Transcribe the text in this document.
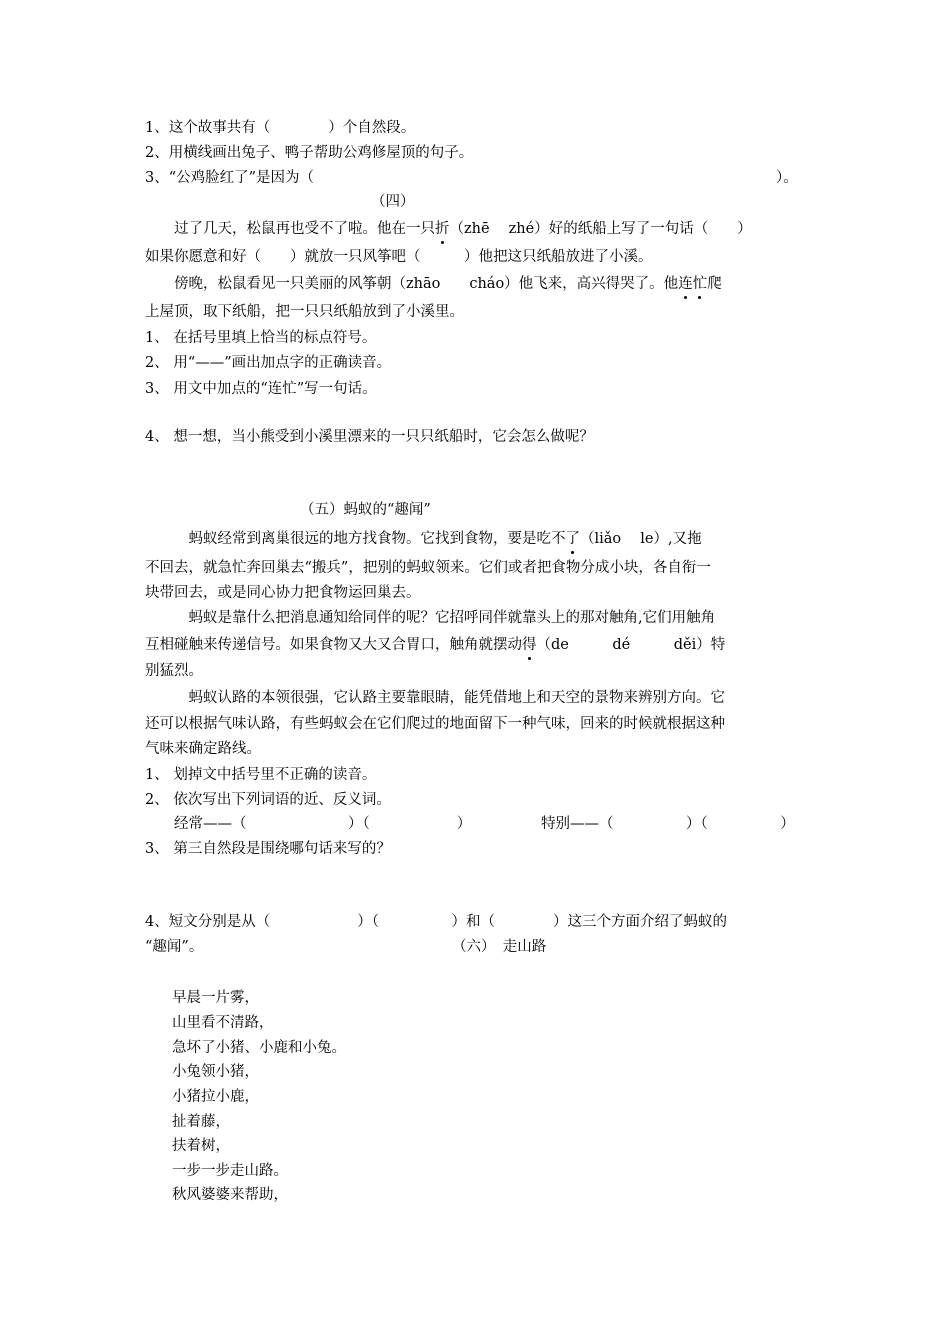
1、这个故事共有（　　　　）个自然段。
2、用横线画出兔子、鸭子帮助公鸡修屋顶的句子。
3、“公鸡脸红了”是因为（	）。
（四）
　　过了几天，松鼠再也受不了啦。他在一只折（zhē　 zhé）好的纸船上写了一句话（　　）
如果你愿意和好（　　）就放一只风筝吧（　　　）他把这只纸船放进了小溪。
　　傍晚，松鼠看见一只美丽的风筝朝（zhāo　　cháo）他飞来，高兴得哭了。他连忙爬
上屋顶，取下纸船，把一只只纸船放到了小溪里。
1、 在括号里填上恰当的标点符号。
2、 用“——”画出加点字的正确读音。
3、 用文中加点的“连忙”写一句话。
4、 想一想，当小熊受到小溪里漂来的一只只纸船时，它会怎么做呢？
（五）蚂蚁的“趣闻”
　　　蚂蚁经常到离巢很远的地方找食物。它找到食物，要是吃不了（liǎo　 le）,又拖
不回去，就急忙奔回巢去“搬兵”，把别的蚂蚁领来。它们或者把食物分成小块，各自衔一
块带回去，或是同心协力把食物运回巢去。
　　　蚂蚁是靠什么把消息通知给同伴的呢？它招呼同伴就靠头上的那对触角,它们用触角
互相碰触来传递信号。如果食物又大又合胃口，触角就摆动得（de　　　dé　　　děi）特
别猛烈。
　　　蚂蚁认路的本领很强，它认路主要靠眼睛，能凭借地上和天空的景物来辨别方向。它
还可以根据气味认路，有些蚂蚁会在它们爬过的地面留下一种气味，回来的时候就根据这种
气味来确定路线。
1、 划掉文中括号里不正确的读音。
2、 依次写出下列词语的近、反义词。
　　经常——（　　　　　　　）（　　　　　　）	特别——（　　　　　）（　　　　　）
3、 第三自然段是围绕哪句话来写的？
4、短文分别是从（　　　　　　）（　　　　　）和（　　　　）这三个方面介绍了蚂蚁的
“趣闻”。	（六）　走山路
早晨一片雾，
山里看不清路，
急坏了小猪、小鹿和小兔。
小兔领小猪，
小猪拉小鹿，
扯着藤，
扶着树，
一步一步走山路。
秋风婆婆来帮助，
